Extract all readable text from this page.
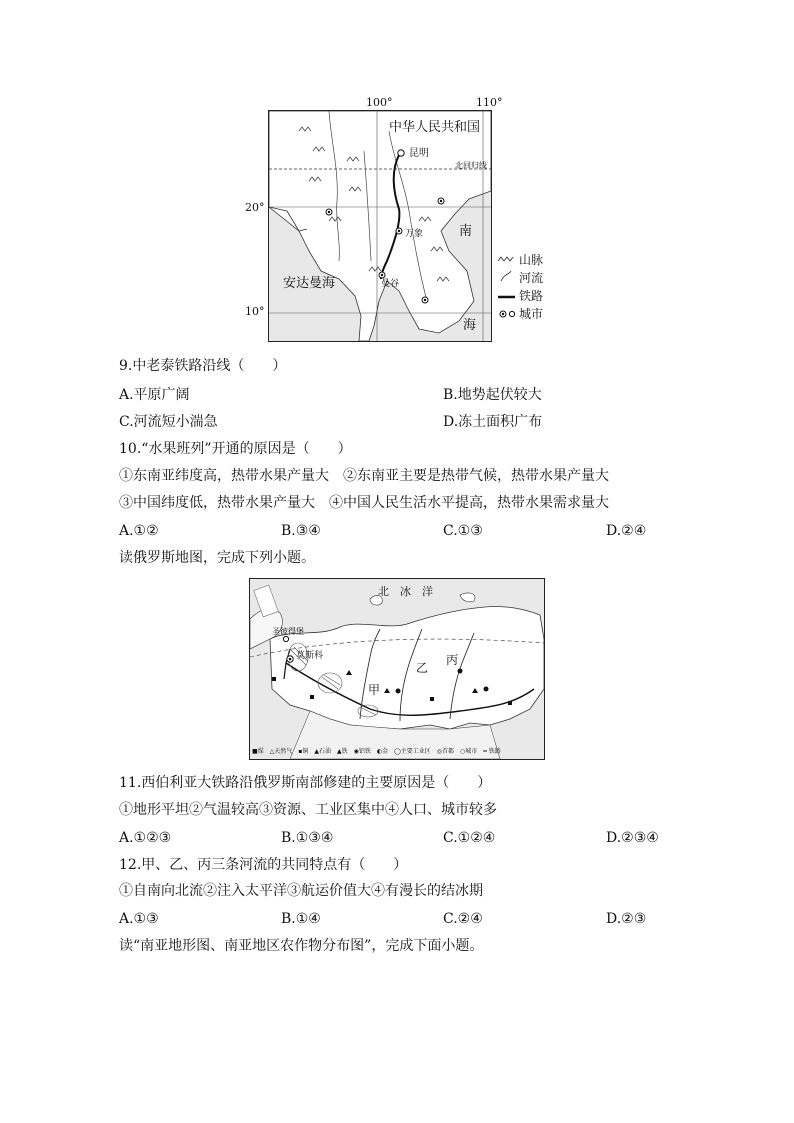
100°	110°
20°
10°
中华人民共和国
昆明
北回归线
万象
曼谷
安达曼海
南
海
山脉
河流
铁路
城市
9.中老泰铁路沿线（　　）
A.平原广阔	B.地势起伏较大
C.河流短小湍急	D.冻土面积广布
10.“水果班列”开通的原因是（　　）
①东南亚纬度高，热带水果产量大　②东南亚主要是热带气候，热带水果产量大
③中国纬度低，热带水果产量大　④中国人民生活水平提高，热带水果需求量大
A.①②	B.③④	C.①③	D.②④
读俄罗斯地图，完成下列小题。
北　冰　洋
莫斯科
圣彼得堡
甲
乙
丙
■煤　△天然气　▪铜　▲石油　▲铁　◉铝铁　◐金　◯主要工业区　◎首都　○城市　━ 铁路
11.西伯利亚大铁路沿俄罗斯南部修建的主要原因是（　　）
①地形平坦②气温较高③资源、工业区集中④人口、城市较多
A.①②③	B.①③④	C.①②④	D.②③④
12.甲、乙、丙三条河流的共同特点有（　　）
①自南向北流②注入太平洋③航运价值大④有漫长的结冰期
A.①③	B.①④	C.②④	D.②③
读“南亚地形图、南亚地区农作物分布图”，完成下面小题。
